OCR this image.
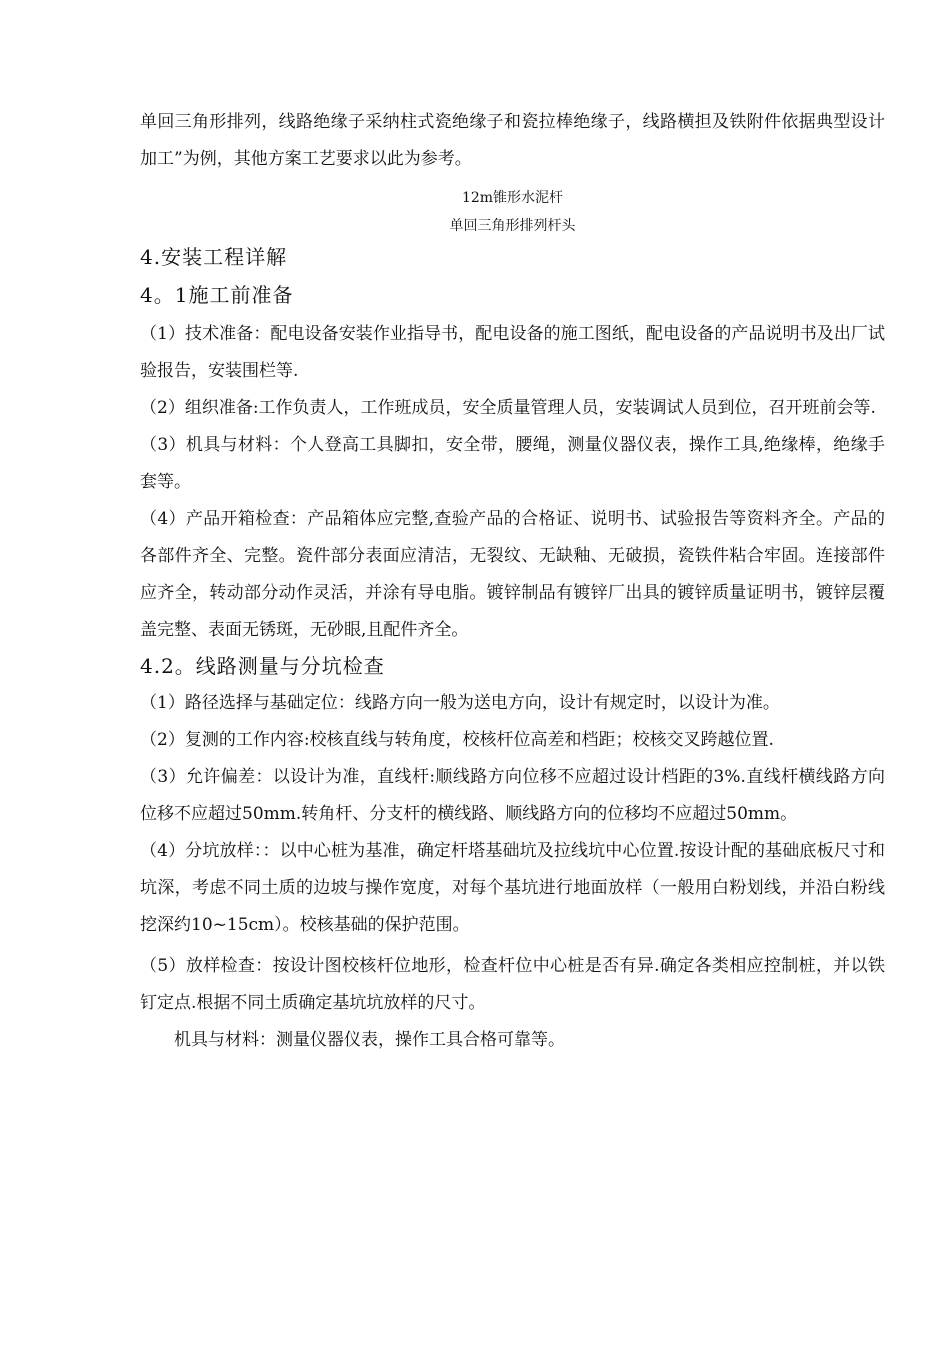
单回三角形排列，线路绝缘子采纳柱式瓷绝缘子和瓷拉棒绝缘子，线路横担及铁附件依据典型设计加工”为例，其他方案工艺要求以此为参考。

12m锥形水泥杆

单回三角形排列杆头

4.安装工程详解
4。1施工前准备

（1）技术准备：配电设备安装作业指导书，配电设备的施工图纸，配电设备的产品说明书及出厂试验报告，安装围栏等.

（2）组织准备:工作负责人，工作班成员，安全质量管理人员，安装调试人员到位，召开班前会等.

（3）机具与材料：个人登高工具脚扣，安全带，腰绳，测量仪器仪表，操作工具,绝缘棒，绝缘手套等。

（4）产品开箱检查：产品箱体应完整,查验产品的合格证、说明书、试验报告等资料齐全。产品的各部件齐全、完整。瓷件部分表面应清洁，无裂纹、无缺釉、无破损，瓷铁件粘合牢固。连接部件应齐全，转动部分动作灵活，并涂有导电脂。镀锌制品有镀锌厂出具的镀锌质量证明书，镀锌层覆盖完整、表面无锈斑，无砂眼,且配件齐全。

4.2。线路测量与分坑检查

（1）路径选择与基础定位：线路方向一般为送电方向，设计有规定时，以设计为准。

（2）复测的工作内容:校核直线与转角度，校核杆位高差和档距；校核交叉跨越位置.

（3）允许偏差：以设计为准，直线杆:顺线路方向位移不应超过设计档距的3%.直线杆横线路方向位移不应超过50mm.转角杆、分支杆的横线路、顺线路方向的位移均不应超过50mm。

（4）分坑放样：：以中心桩为基准，确定杆塔基础坑及拉线坑中心位置.按设计配的基础底板尺寸和坑深，考虑不同土质的边坡与操作宽度，对每个基坑进行地面放样（一般用白粉划线，并沿白粉线挖深约10~15cm）。校核基础的保护范围。

（5）放样检查：按设计图校核杆位地形，检查杆位中心桩是否有异.确定各类相应控制桩，并以铁钉定点.根据不同土质确定基坑坑放样的尺寸。

机具与材料：测量仪器仪表，操作工具合格可靠等。
